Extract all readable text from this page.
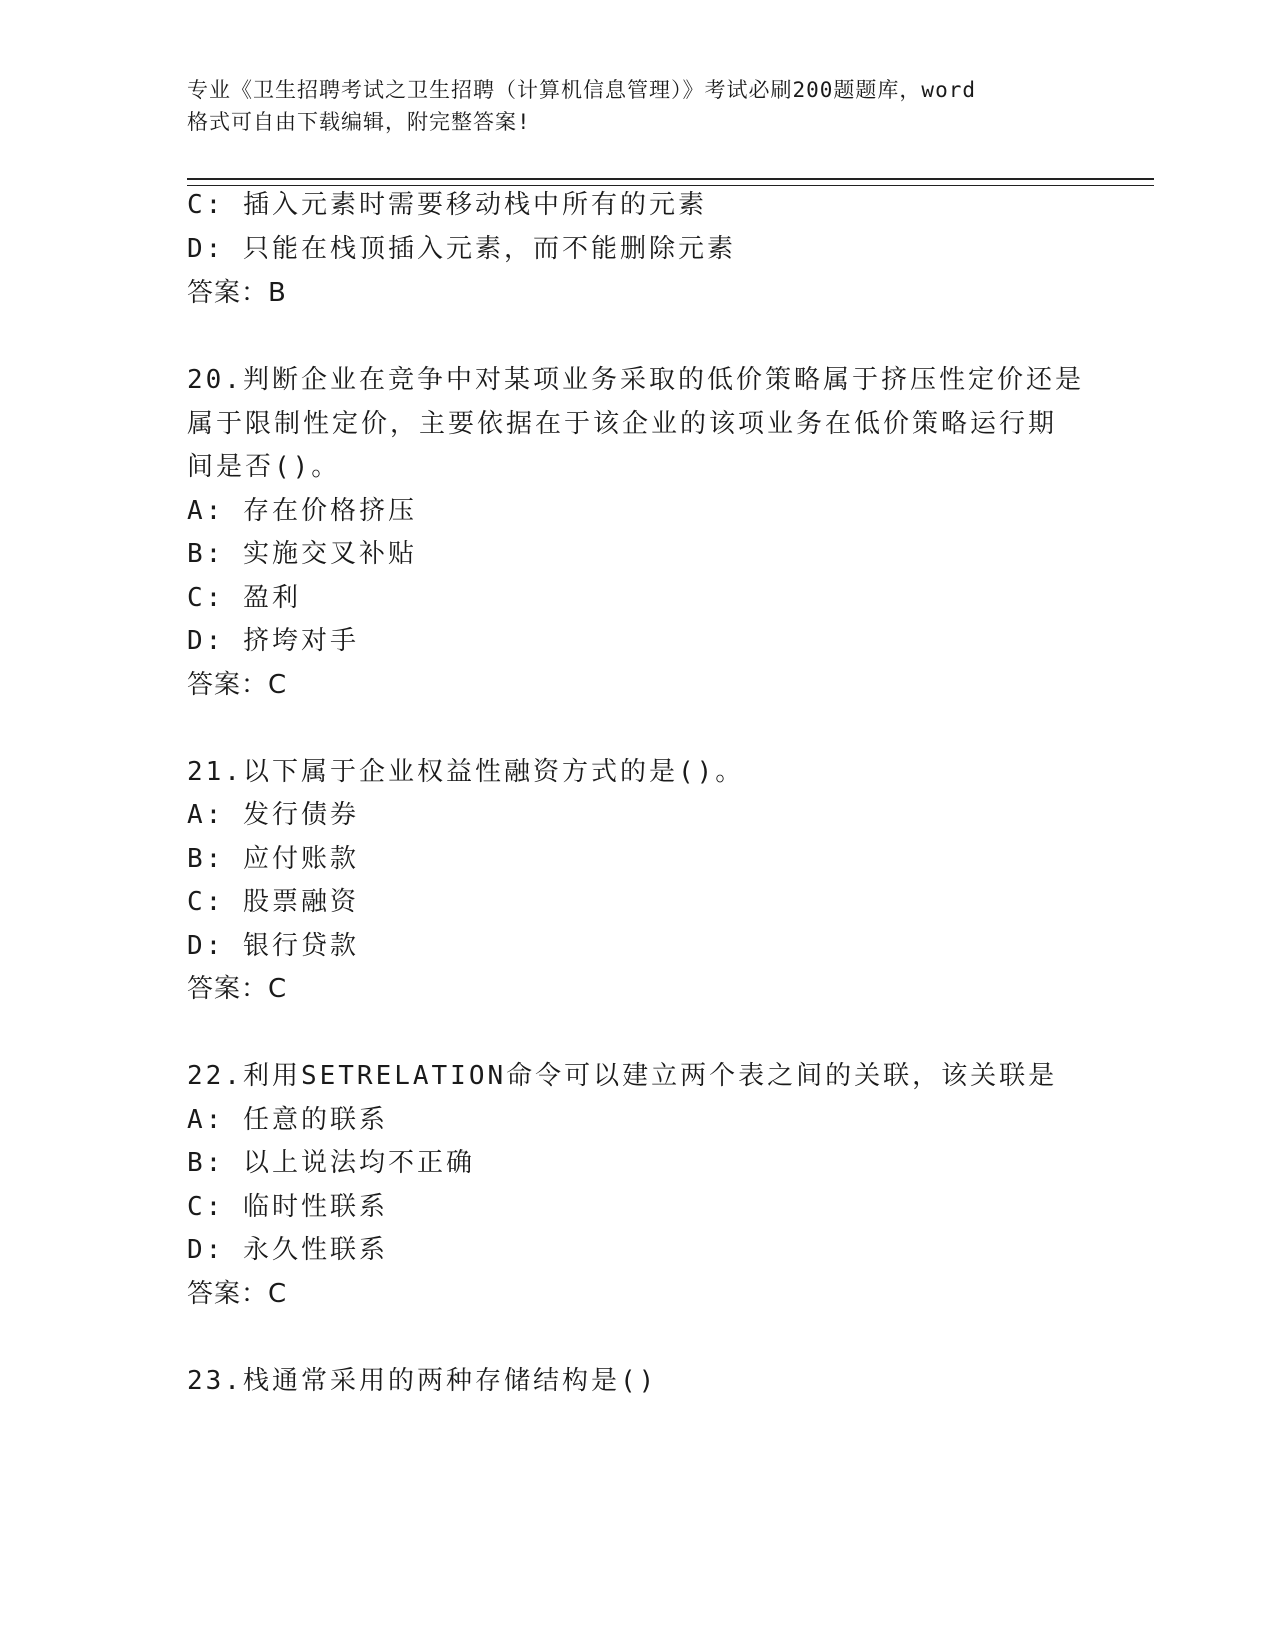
专业《卫生招聘考试之卫生招聘（计算机信息管理）》考试必刷200题题库，word
格式可自由下载编辑，附完整答案!
C: 插入元素时需要移动栈中所有的元素
D: 只能在栈顶插入元素，而不能删除元素
答案：B
20.判断企业在竞争中对某项业务采取的低价策略属于挤压性定价还是
属于限制性定价，主要依据在于该企业的该项业务在低价策略运行期
间是否()。
A: 存在价格挤压
B: 实施交叉补贴
C: 盈利
D: 挤垮对手
答案：C
21.以下属于企业权益性融资方式的是()。
A: 发行债券
B: 应付账款
C: 股票融资
D: 银行贷款
答案：C
22.利用SETRELATION命令可以建立两个表之间的关联，该关联是
A: 任意的联系
B: 以上说法均不正确
C: 临时性联系
D: 永久性联系
答案：C
23.栈通常采用的两种存储结构是()
